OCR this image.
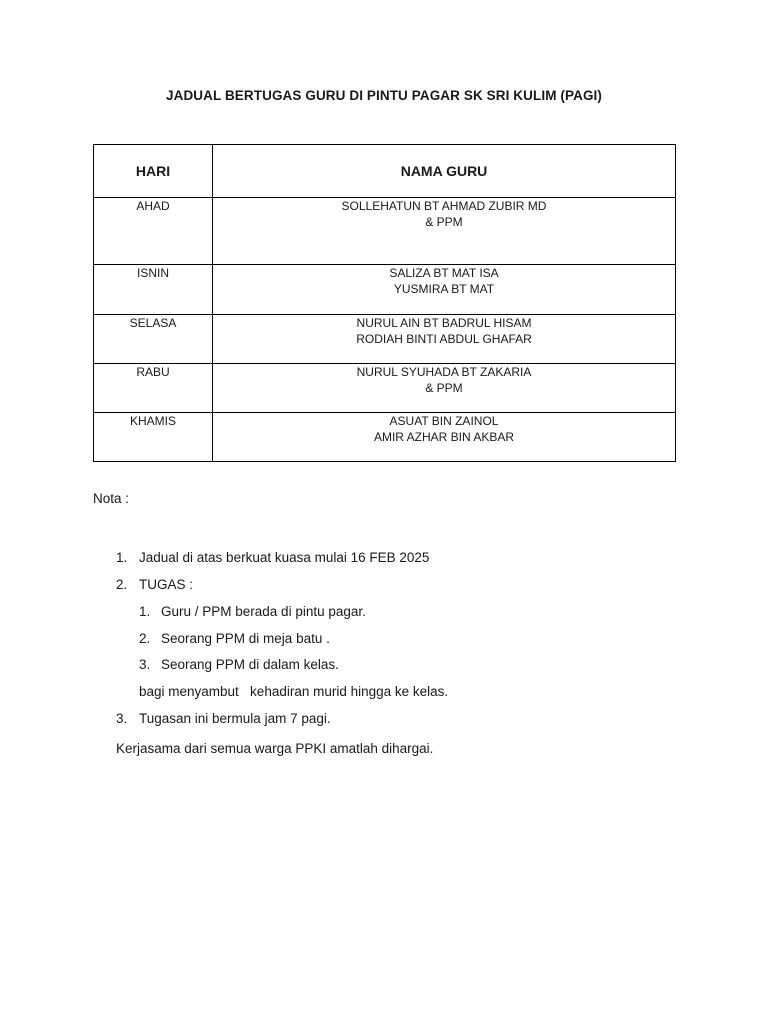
JADUAL BERTUGAS GURU DI PINTU PAGAR SK SRI KULIM (PAGI)
HARI	NAMA GURU
AHAD	SOLLEHATUN BT AHMAD ZUBIR MD
& PPM

ISNIN	SALIZA BT MAT ISA
YUSMIRA BT MAT

SELASA	NURUL AIN BT BADRUL HISAM
RODIAH BINTI ABDUL GHAFAR

RABU	NURUL SYUHADA BT ZAKARIA
& PPM

KHAMIS	ASUAT BIN ZAINOL
AMIR AZHAR BIN AKBAR
Nota :
1. Jadual di atas berkuat kuasa mulai 16 FEB 2025
2. TUGAS :
1. Guru / PPM berada di pintu pagar.
2. Seorang PPM di meja batu .
3. Seorang PPM di dalam kelas.
bagi menyambut   kehadiran murid hingga ke kelas.
3. Tugasan ini bermula jam 7 pagi.
Kerjasama dari semua warga PPKI amatlah dihargai.
